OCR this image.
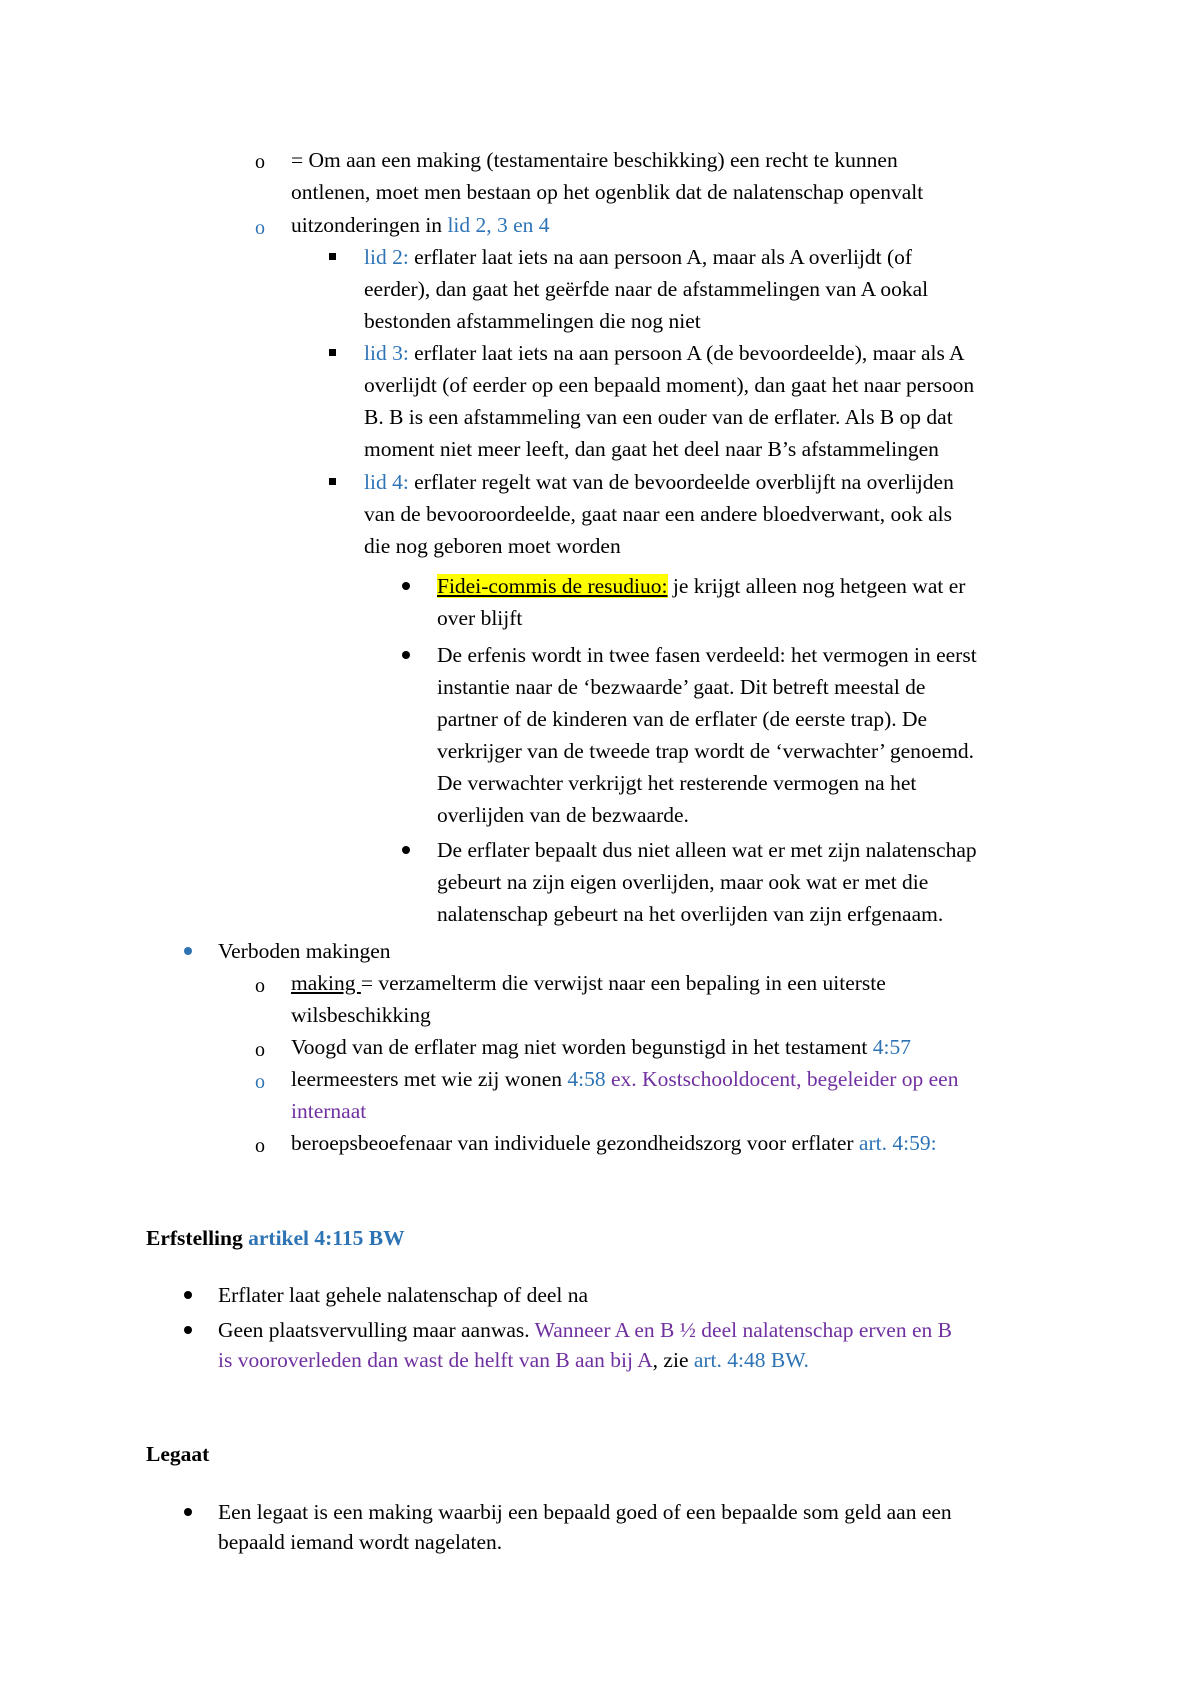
o = Om aan een making (testamentaire beschikking) een recht te kunnen
ontlenen, moet men bestaan op het ogenblik dat de nalatenschap openvalt
o uitzonderingen in lid 2, 3 en 4
lid 2: erflater laat iets na aan persoon A, maar als A overlijdt (of
eerder), dan gaat het geërfde naar de afstammelingen van A ookal
bestonden afstammelingen die nog niet
lid 3: erflater laat iets na aan persoon A (de bevoordeelde), maar als A
overlijdt (of eerder op een bepaald moment), dan gaat het naar persoon
B. B is een afstammeling van een ouder van de erflater. Als B op dat
moment niet meer leeft, dan gaat het deel naar B’s afstammelingen
lid 4: erflater regelt wat van de bevoordeelde overblijft na overlijden
van de bevooroordeelde, gaat naar een andere bloedverwant, ook als
die nog geboren moet worden
Fidei-commis de resudiuo: je krijgt alleen nog hetgeen wat er
over blijft
De erfenis wordt in twee fasen verdeeld: het vermogen in eerst
instantie naar de ‘bezwaarde’ gaat. Dit betreft meestal de
partner of de kinderen van de erflater (de eerste trap). De
verkrijger van de tweede trap wordt de ‘verwachter’ genoemd.
De verwachter verkrijgt het resterende vermogen na het
overlijden van de bezwaarde.
De erflater bepaalt dus niet alleen wat er met zijn nalatenschap
gebeurt na zijn eigen overlijden, maar ook wat er met die
nalatenschap gebeurt na het overlijden van zijn erfgenaam.
Verboden makingen
o making = verzamelterm die verwijst naar een bepaling in een uiterste
wilsbeschikking
o Voogd van de erflater mag niet worden begunstigd in het testament 4:57
o leermeesters met wie zij wonen 4:58 ex. Kostschooldocent, begeleider op een
internaat
o beroepsbeoefenaar van individuele gezondheidszorg voor erflater art. 4:59:
Erfstelling artikel 4:115 BW
Erflater laat gehele nalatenschap of deel na
Geen plaatsvervulling maar aanwas. Wanneer A en B ½ deel nalatenschap erven en B
is vooroverleden dan wast de helft van B aan bij A, zie art. 4:48 BW.
Legaat
Een legaat is een making waarbij een bepaald goed of een bepaalde som geld aan een
bepaald iemand wordt nagelaten.
